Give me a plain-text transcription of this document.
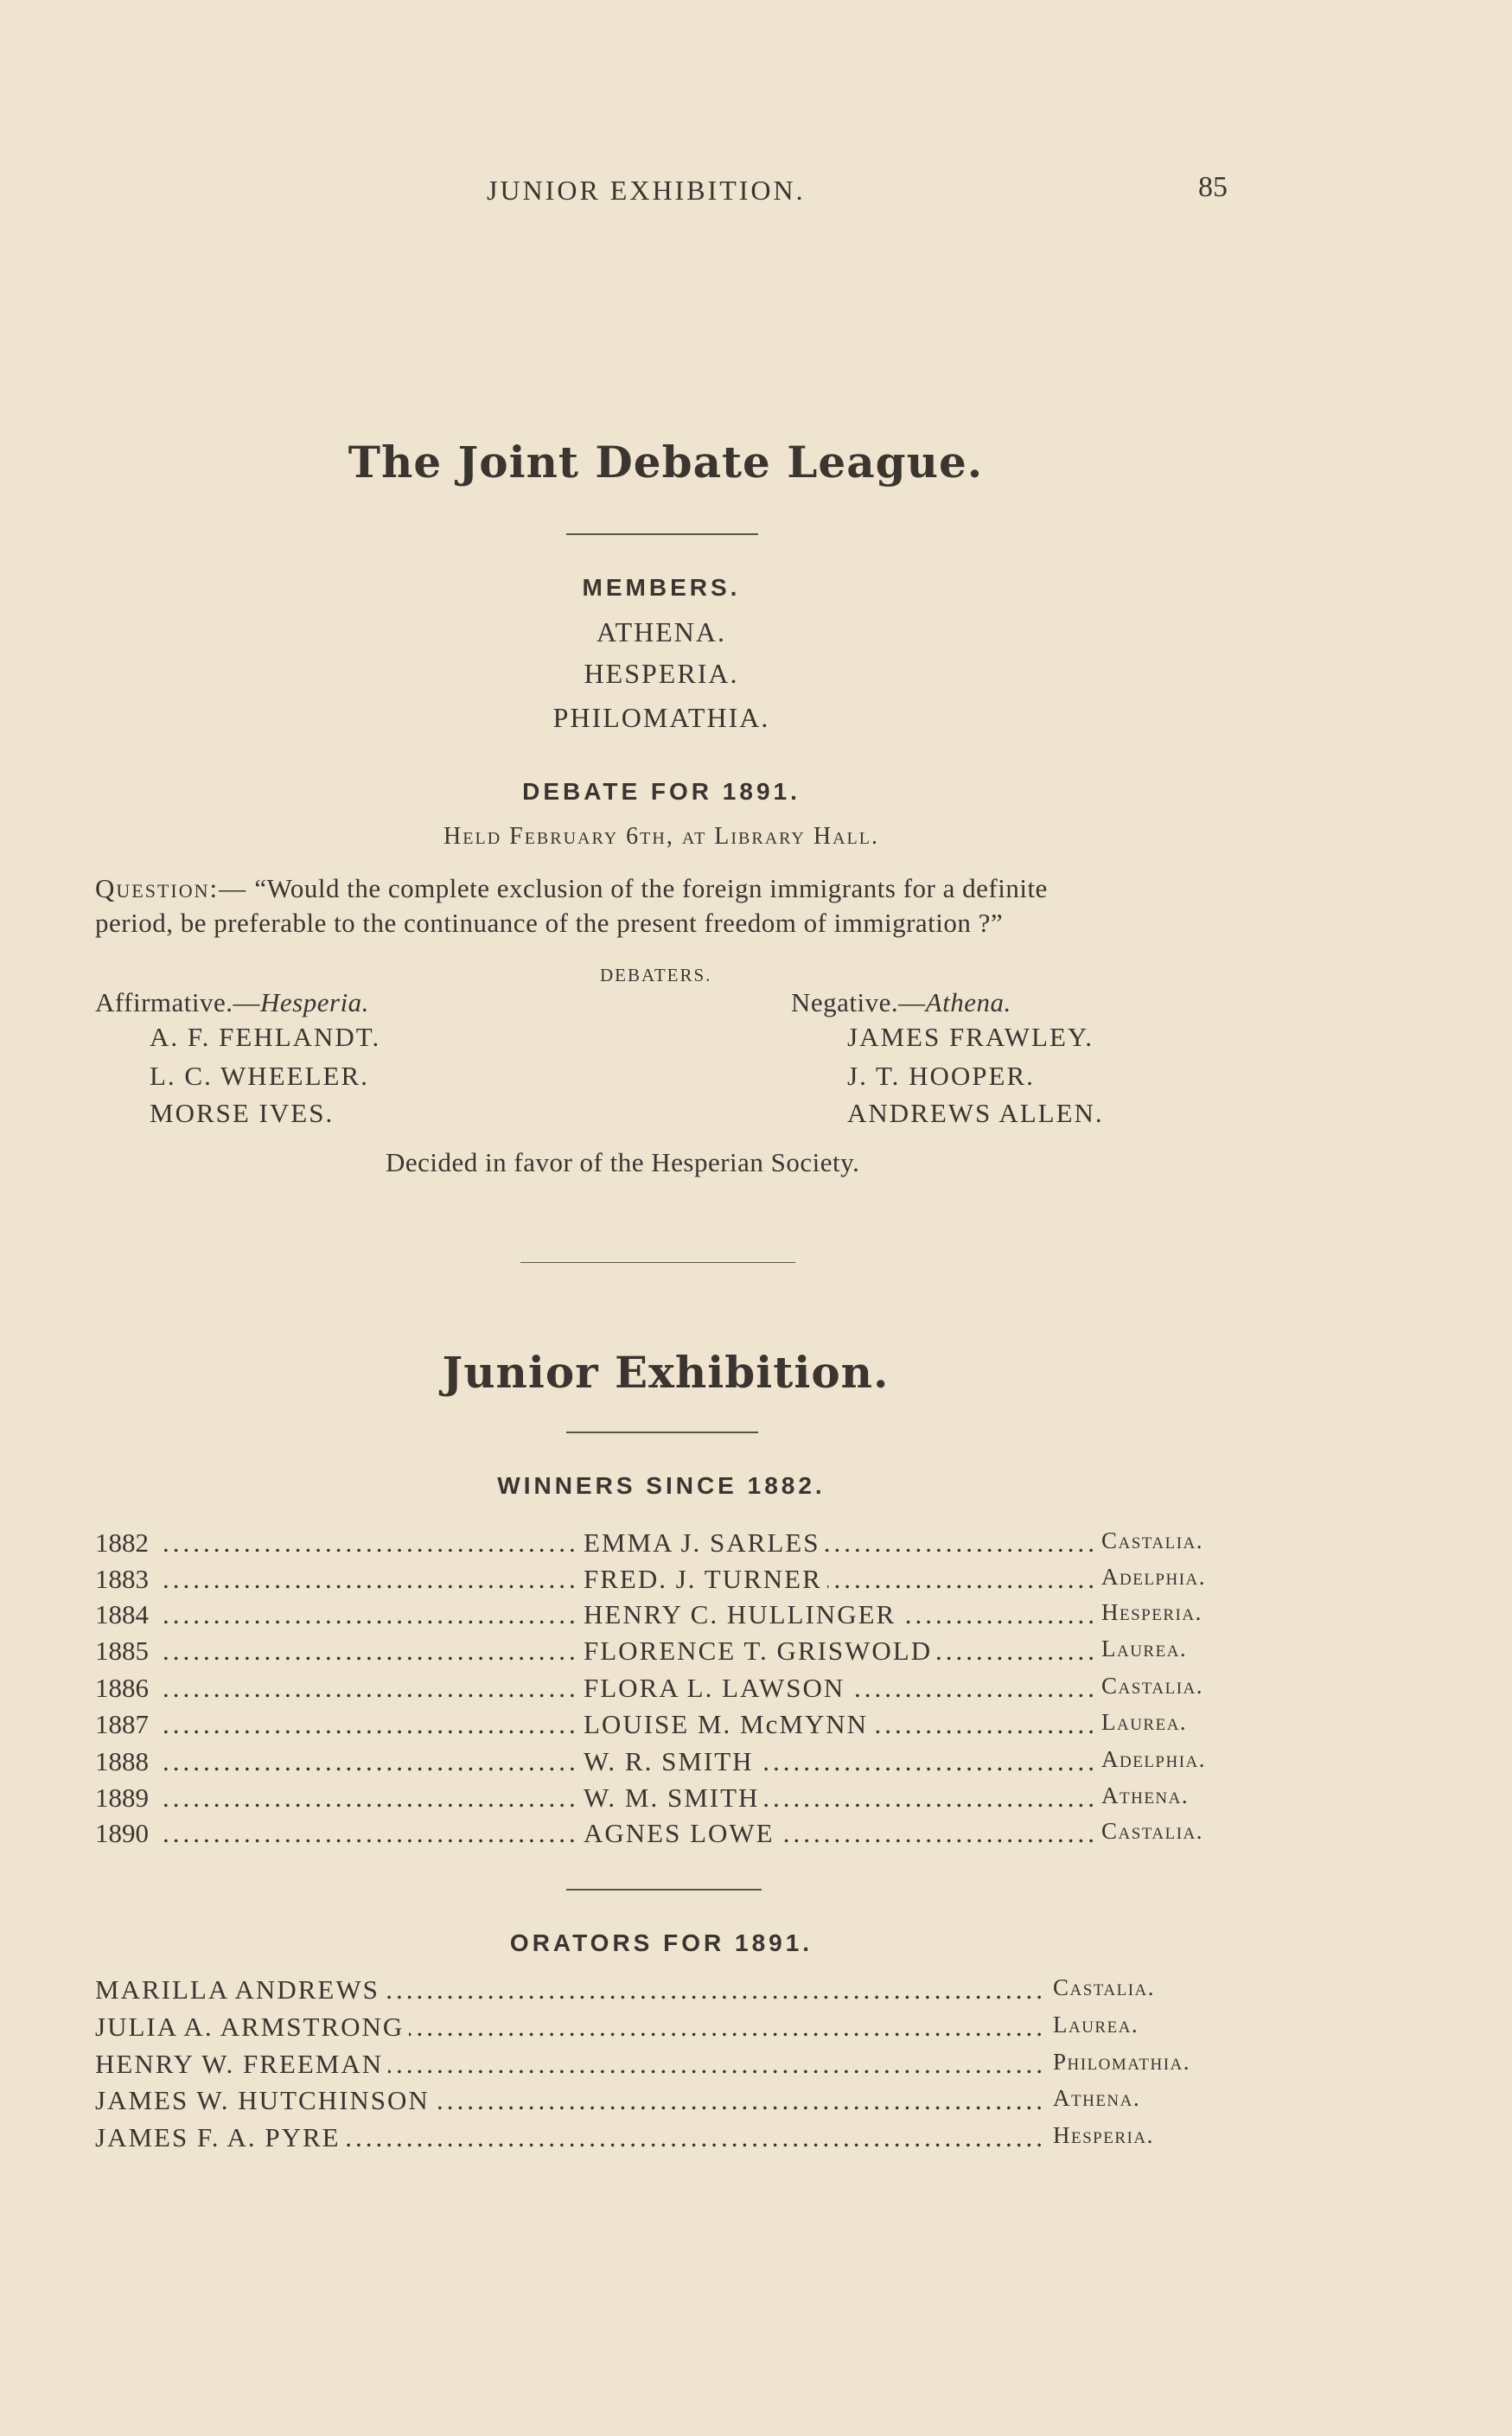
JUNIOR EXHIBITION.	85
The Joint Debate League.
MEMBERS.
ATHENA.
HESPERIA.
PHILOMATHIA.
DEBATE FOR 1891.
Held February 6th, at Library Hall.
Question:— “Would the complete exclusion of the foreign immigrants for a definite
period, be preferable to the continuance of the present freedom of immigration ?”
DEBATERS.
Affirmative.—Hesperia.
A. F. FEHLANDT.
L. C. WHEELER.
MORSE IVES.
Negative.—Athena.
JAMES FRAWLEY.
J. T. HOOPER.
ANDREWS ALLEN.
Decided in favor of the Hesperian Society.
Junior Exhibition.
WINNERS SINCE 1882.
1882 ..... .....	EMMA J. SARLES	Castalia.
1883 ..... .....	FRED. J. TURNER	Adelphia.
1884 ..... .....	HENRY C. HULLINGER	Hesperia.
1885 ..... .....	FLORENCE T. GRISWOLD	Laurea.
1886 ..... .....	FLORA L. LAWSON	Castalia.
1887 ..... .....	LOUISE M. McMYNN	Laurea.
1888 ..... .....	W. R. SMITH	Adelphia.
1889 ..... .....	W. M. SMITH	Athena.
1890 ..... .....	AGNES LOWE	Castalia.
ORATORS FOR 1891.
.....
MARILLA ANDREWS	Castalia.
.....
JULIA A. ARMSTRONG	Laurea.
.....
HENRY W. FREEMAN	Philomathia.
.....
JAMES W. HUTCHINSON	Athena.
.....
JAMES F. A. PYRE	Hesperia.
